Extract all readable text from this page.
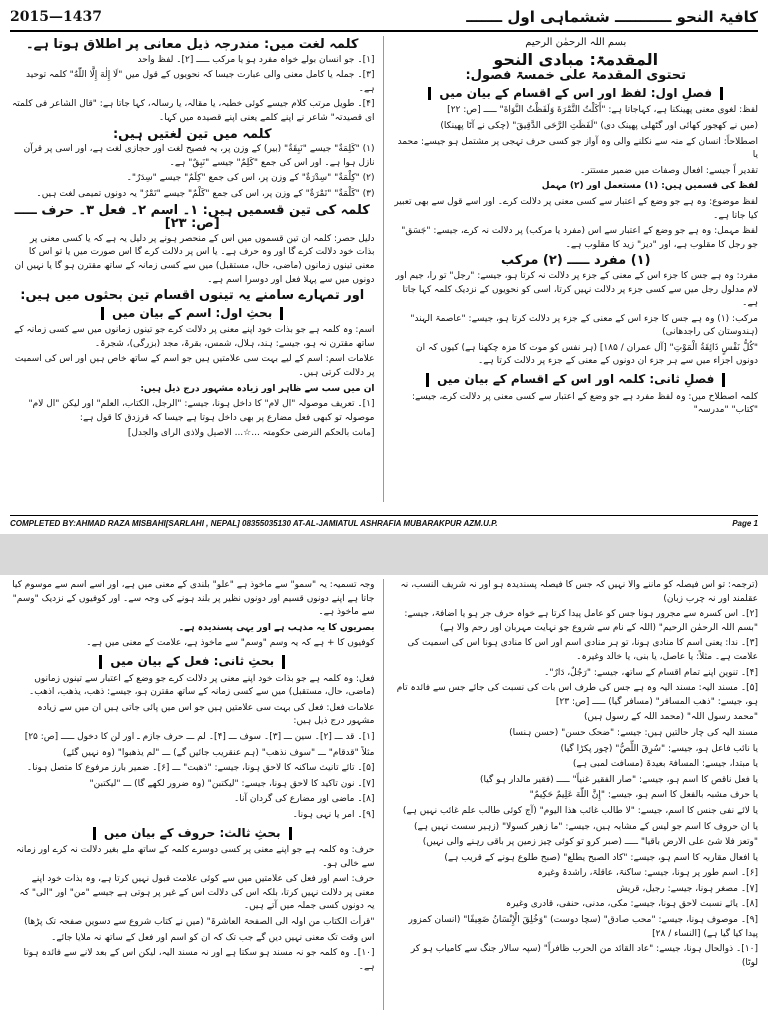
2015—1437	کافیۃ النحو ـــــــــــ ششماہی اول ـــــــ
بسم اللہ الرحمٰن الرحیم
المقدمۃ: مبادی النحو
تحتوی المقدمۃ علی خمسۃ فصول:
فصلِ اول: لفظ اور اس کے اقسام کے بیان میں

لفظ: لغوی معنی پھینکنا ہے، کہاجاتا ہے: "أَكَلْتُ التَّمْرَةَ وَلَفَظْتُ النَّوَاةَ" ـــــ [ص: ۲۲]

(میں نے کھجور کھائی اور گٹھلی پھینک دی) "لَفَظَتِ الرَّحَى الدَّقِيقَ" (چکی نے آٹا پھینکا)

اصطلاحاً: انسان کے منہ سے نکلنے والی وہ آواز جو کسی حرف تہجی پر مشتمل ہو جیسے: محمد یا

تقدیر اً جیسے: افعال وصفات میں ضمیر مستتر۔

لفظ کی قسمیں ہیں: (۱) مستعمل اور (۲) مہمل

لفظ موضوع: وہ ہے جو وضع کے اعتبار سے کسی معنی پر دلالت کرے۔ اور اسے قول سے بھی تعبیر کیا جاتا ہے۔

لفظ مہمل: وہ ہے جو وضع کے اعتبار سے اس (مفرد یا مرکب) پر دلالت نہ کرے، جیسے: "جَسَق" جو رجل کا مقلوب ہے، اور "دیز" زید کا مقلوب ہے۔

(۱) مفرد ـــــ (۲) مرکب

مفرد: وہ ہے جس کا جزء اس کے معنی کے جزء پر دلالت نہ کرتا ہو، جیسے: "رجل" تو را، جیم اور لام مدلول رجل میں سے کسی جزء پر دلالت نہیں کرتا، اسی کو نحویوں کے نزدیک کلمہ کہا جاتا ہے۔

مرکب: (۱) وہ ہے جس کا جزء اس کے معنی کے جزء پر دلالت کرتا ہو، جیسے: "عاصمۃ الہند" (ہندوستان کی راجدھانی)

"كُلُّ نَفْسٍ ذَائِقَةُ الْمَوْتِ" [آل عمران / ۱۸۵] (ہر نفس کو موت کا مزہ چکھنا ہے) کیوں کہ ان دونوں اجزاء میں سے ہر جزء ان دونوں کے معنی کے جزء پر دلالت کرتا ہے۔

فصلِ ثانی: کلمہ اور اس کے اقسام کے بیان میں

کلمہ اصطلاح میں: وہ لفظ مفرد ہے جو وضع کے اعتبار سے کسی معنی پر دلالت کرے، جیسے: "کتاب" "مدرسہ"

کلمہ لغت میں: مندرجہ ذیل معانی پر اطلاق ہوتا ہے۔

[۱]۔ جو انسان بولے خواہ مفرد ہو یا مرکب ـــــ [۲]۔ لفظ واحد

[۳]۔ جملہ یا کامل معنی والی عبارت جیسا کہ نحویوں کے قول میں "لَا إِلٰهَ إِلَّا اللّٰهُ" کلمہ توحید ہے۔

[۴]۔ طویل مرتب کلام جیسے کوئی خطبہ، یا مقالہ، یا رسالہ، کہا جاتا ہے: "قال الشاعر فی کلمتہ ای قصیدتہ" شاعر نے اپنے کلمے یعنی اپنے قصیدہ میں کہا۔

کلمہ میں تین لغتیں ہیں:

(۱) "كَلِمَةٌ" جیسے "نَبِقَةٌ" (بیر) کے وزن پر، یہ فصیح لغت اور حجازی لغت ہے، اور اسی پر قرآن نازل ہوا ہے۔ اور اس کی جمع "كَلِمٌ" جیسے "نَبِقٌ" ہے۔

(۲) "كِلْمَةٌ" "سِدْرَةٌ" کے وزن پر، اس کی جمع "كِلَمٌ" جیسے "سِدَرٌ"۔

(۳) "كَلْمَةٌ" "تَمْرَةٌ" کے وزن پر، اس کی جمع "كَلْمٌ" جیسے "تَمْرٌ" یہ دونوں تمیمی لغت ہیں۔

کلمہ کی تین قسمیں ہیں: ۱۔ اسم ۲۔ فعل ۳۔ حرف ـــــ [ص: ۲۳]

دلیل حصر: کلمہ ان تین قسموں میں اس کے منحصر ہونے پر دلیل یہ ہے کہ یا کسی معنی پر بذات خود دلالت کرے گا اور وہ حرف ہے۔ یا اس پر دلالت کرے گا اس صورت میں یا تو اس کا معنی تینوں زمانوں (ماضی، حال، مستقبل) میں سے کسی زمانہ کے ساتھ مقترن ہو گا یا نہیں ان دونوں میں سے پہلا فعل اور دوسرا اسم ہے۔

اور تمہارے سامنے یہ تینوں اقسام تین بحثوں میں ہیں:
بحثِ اول: اسم کے بیان میں

اسم: وہ کلمہ ہے جو بذات خود اپنے معنی پر دلالت کرے جو تینوں زمانوں میں سے کسی زمانہ کے ساتھ مقترن نہ ہو، جیسے: ہند، ہلال، شمس، بقرۃ، مجد (بزرگی)، شجرۃ۔

علامات اسم: اسم کے لیے بہت سی علامتیں ہیں جو اسم کے ساتھ خاص ہیں اور اس کی اسمیت پر دلالت کرتی ہیں۔

ان میں سب سے ظاہر اور زیادہ مشہور درج ذیل ہیں:

[۱]۔ تعریف موصولہ "ال لام" کا داخل ہونا، جیسے: "الرجل، الکتاب، العلم" اور لیکن "ال لام" موصولہ تو کبھی فعل مضارع پر بھی داخل ہوتا ہے جیسا کہ قرزدق کا قول ہے:

[مانت بالحکم الترضی حکومتہ ...☆... الاصیل ولاذی الرای والجدل]

COMPLETED BY:AHMAD RAZA MISBAHI[SARLAHI , NEPAL] 08355035130 AT-AL-JAMIATUL ASHRAFIA MUBARAKPUR AZM.U.P.	Page 1

(ترجمہ: تو اس فیصلہ کو ماننے والا نہیں کہ جس کا فیصلہ پسندیدہ ہو اور نہ شریف النسب، نہ عقلمند اور نہ چرب زبان)

[۲]۔ اس کسرہ سے مجرور ہونا جس کو عامل پیدا کرتا ہے خواہ حرف جر ہو یا اضافۃ، جیسے: "بسم اللہ الرحمٰن الرحیم" (اللہ کے نام سے شروع جو نہایت مہربان اور رحم والا ہے)

[۳]۔ ندا: یعنی اسم کا منادی ہونا، تو ہر منادی اسم اور اس کا منادی ہونا اس کی اسمیت کی علامت ہے۔ مثلاً: یا عاصل، یا بنی، یا خالد وغیرہ۔

[۴]۔ تنوین اپنے تمام اقسام کے ساتھ، جیسے: "رَجُلٌ، دَارٌ"۔

[۵]۔ مسند الیہ: مسند الیہ وہ ہے جس کی طرف اس بات کی نسبت کی جائے جس سے فائدہ تام ہو، جیسے: "ذهب المسافر" (مسافر گیا) ـــــ [ص: ۲۳]

"محمد رسول اللہ" (محمد اللہ کے رسول ہیں)

مسند الیہ کی چار حالتیں ہیں: جیسے: "ضحک حسن" (حسن ہنسا)

یا نائب فاعل ہو، جیسے: "سُرِقَ اللِّصُّ" (چور پکڑا گیا)

یا مبتدا، جیسے: المسافۃ بعیدۃ (مسافت لمبی ہے)

یا فعل ناقص کا اسم ہو، جیسے: "صار الفقیر غنیاً" ـــــ (فقیر مالدار ہو گیا)

یا حرف مشبہ بالفعل کا اسم ہو، جیسے: "إِنَّ اللّٰهَ عَلِيمٌ حَكِيمٌ"

یا لائے نفی جنس کا اسم، جیسے: "لا طالب غائب ھذا الیوم" (آج کوئی طالب علم غائب نہیں ہے)

یا ان حروف کا اسم جو لیس کے مشابہ ہیں، جیسے: "ما زھیر کسولا" (زہیر سست نہیں ہے)

"وتعز فلا شئ علی الارض باقیا" ـــــ (صبر کرو تو کوئی چیز زمین پر باقی رہنے والی نہیں)

یا افعال مقاربہ کا اسم ہو، جیسے: "کاد الصبح یطلع" (صبح طلوع ہونے کے قریب ہے)

[۶]۔ اسم طور پر ہونا، جیسے: ساکنۃ، عاقلۃ، راشدۃ وغیرہ

[۷]۔ مصغر ہونا، جیسے: رجیل، قریش

[۸]۔ یائے نسبت لاحق ہونا، جیسے: مکی، مدنی، حنفی، قادری وغیرہ

[۹]۔ موصوف ہونا، جیسے: "محب صادق" (سچا دوست) "وَخُلِقَ الْإِنْسَانُ ضَعِيفًا" (انسان کمزور پیدا کیا گیا ہے) [النساء / ۲۸]

[۱۰]۔ ذوالحال ہونا، جیسے: "عاد القائد من الحرب ظافراً" (سپہ سالار جنگ سے کامیاب ہو کر لوٹا)

وجہ تسمیہ: یہ "سمو" سے ماخوذ ہے "علو" بلندی کے معنی میں ہے، اور اسے اسم سے موسوم کیا جاتا ہے اپنے دونوں قسیم اور دونوں نظیر پر بلند ہونے کی وجہ سے۔ اور کوفیوں کے نزدیک "وسم" سے ماخوذ ہے۔

بصریوں کا یہ مذہب ہے اور یہی پسندیدہ ہے۔

کوفیوں کا + ہے کہ یہ وسم "وسم" سے ماخوذ ہے، علامت کے معنی میں ہے۔

بحثِ ثانی: فعل کے بیان میں

فعل: وہ کلمہ ہے جو بذات خود اپنے معنی پر دلالت کرے جو وضع کے اعتبار سے تینوں زمانوں (ماضی، حال، مستقبل) میں سے کسی زمانہ کے ساتھ مقترن ہو، جیسے: ذھب، یذھب، اذھب۔

علامات فعل: فعل کی بہت سی علامتیں ہیں جو اس میں پائی جاتی ہیں ان میں سے زیادہ مشہور درج ذیل ہیں:

[۱]۔ قد ـــ [۲]۔ سین ـــ [۳]۔ سوف ـــ [۴]۔ لم ـــ حرف جازم ـ اور لن کا دخول ـــــ [ص: ۲۵]

مثلاً "قدقام" ـــ "سوف نذهب" (ہم عنقریب جائیں گے) ـــ "لم یذھبوا" (وہ نہیں گئے)

[۵]۔ تائے تانیث ساکنہ کا لاحق ہونا، جیسے: "ذھبت" ـــ [۶]۔ ضمیر بارز مرفوع کا متصل ہونا۔

[۷]۔ نون تاکید کا لاحق ہونا، جیسے: "لیکتبن" (وہ ضرور لکھے گا) ـــ "لیکتبن"

[۸]۔ ماضی اور مضارع کی گردان آنا۔

[۹]۔ امر یا نہی ہونا۔

بحثِ ثالث: حروف کے بیان میں

حرف: وہ کلمہ ہے جو اپنے معنی پر کسی دوسرے کلمہ کے ساتھ ملے بغیر دلالت نہ کرے اور زمانہ سے خالی ہو۔

حرف: اسم اور فعل کی علامتیں میں سے کوئی علامت قبول نہیں کرتا ہے، وہ بذات خود اپنے معنی پر دلالت نہیں کرتا، بلکہ اس کی دلالت اس کے غیر پر ہوتی ہے جیسے "من" اور "الی" کہ یہ دونوں کسی جملہ میں آتے ہیں۔

"قرأت الکتاب من اولہ الی الصفحۃ العاشرۃ" (میں نے کتاب شروع سے دسویں صفحہ تک پڑھا)

اس وقت تک معنی نہیں دیں گے جب تک کہ ان کو اسم اور فعل کے ساتھ نہ ملایا جائے۔

[۱۰]۔ وہ کلمہ جو نہ مسند ہو سکتا ہے اور نہ مسند الیہ، لیکن اس کے بعد لانے سے فائدہ ہوتا ہے۔
